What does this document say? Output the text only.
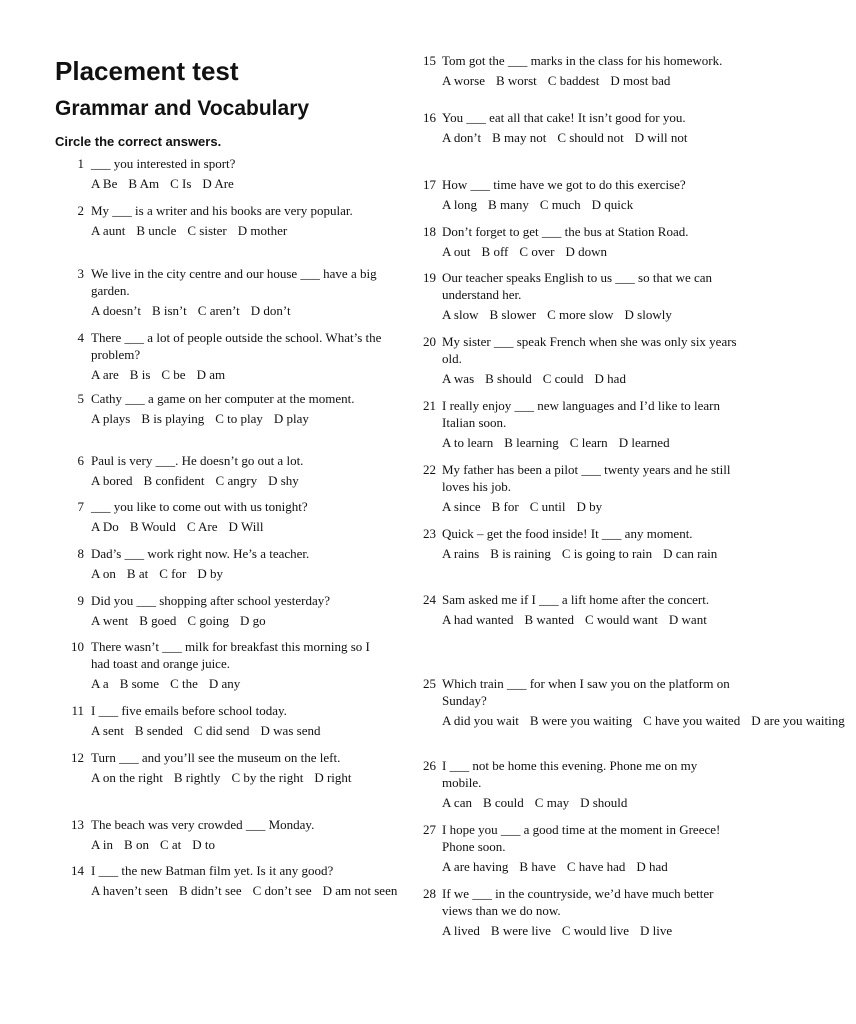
Placement test
Grammar and Vocabulary
Circle the correct answers.
1 ___ you interested in sport?
A Be B Am C Is D Are
2 My ___ is a writer and his books are very popular.
A aunt B uncle C sister D mother
3 We live in the city centre and our house ___ have a big garden.
A doesn’t B isn’t C aren’t D don’t
4 There ___ a lot of people outside the school. What’s the problem?
A are B is C be D am
5 Cathy ___ a game on her computer at the moment.
A plays B is playing C to play D play
6 Paul is very ___. He doesn’t go out a lot.
A bored B confident C angry D shy
7 ___ you like to come out with us tonight?
A Do B Would C Are D Will
8 Dad’s ___ work right now. He’s a teacher.
A on B at C for D by
9 Did you ___ shopping after school yesterday?
A went B goed C going D go
10 There wasn’t ___ milk for breakfast this morning so I had toast and orange juice.
A a B some C the D any
11 I ___ five emails before school today.
A sent B sended C did send D was send
12 Turn ___ and you’ll see the museum on the left.
A on the right B rightly C by the right D right
13 The beach was very crowded ___ Monday.
A in B on C at D to
14 I ___ the new Batman film yet. Is it any good?
A haven’t seen B didn’t see C don’t see D am not seen
15 Tom got the ___ marks in the class for his homework.
A worse B worst C baddest D most bad
16 You ___ eat all that cake! It isn’t good for you.
A don’t B may not C should not D will not
17 How ___ time have we got to do this exercise?
A long B many C much D quick
18 Don’t forget to get ___ the bus at Station Road.
A out B off C over D down
19 Our teacher speaks English to us ___ so that we can understand her.
A slow B slower C more slow D slowly
20 My sister ___ speak French when she was only six years old.
A was B should C could D had
21 I really enjoy ___ new languages and I’d like to learn Italian soon.
A to learn B learning C learn D learned
22 My father has been a pilot ___ twenty years and he still loves his job.
A since B for C until D by
23 Quick – get the food inside! It ___ any moment.
A rains B is raining C is going to rain D can rain
24 Sam asked me if I ___ a lift home after the concert.
A had wanted B wanted C would want D want
25 Which train ___ for when I saw you on the platform on Sunday?
A did you wait B were you waiting C have you waited D are you waiting
26 I ___ not be home this evening. Phone me on my mobile.
A can B could C may D should
27 I hope you ___ a good time at the moment in Greece! Phone soon.
A are having B have C have had D had
28 If we ___ in the countryside, we’d have much better views than we do now.
A lived B were live C would live D live
